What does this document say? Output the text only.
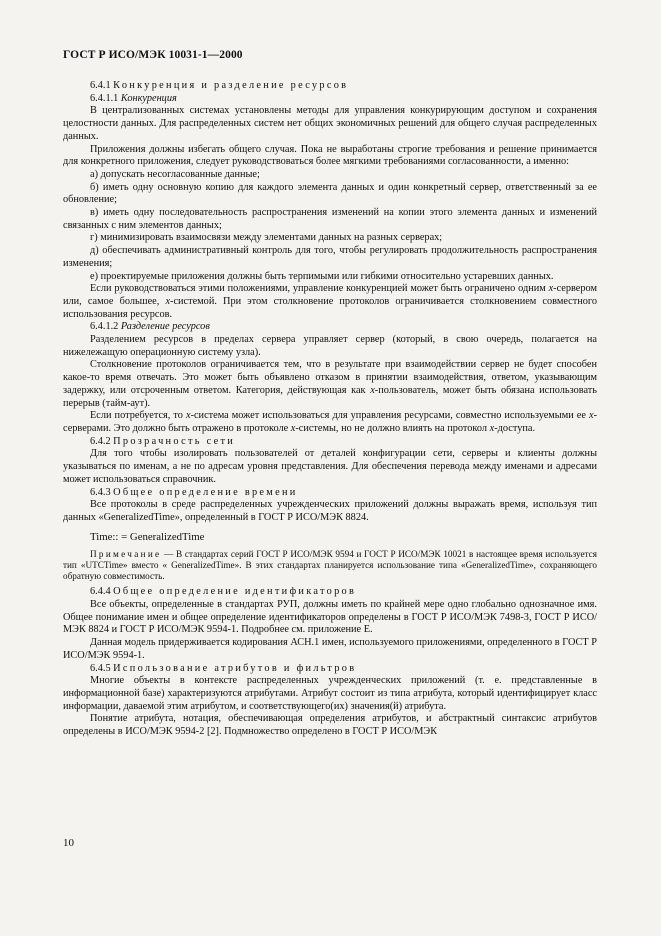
ГОСТ Р ИСО/МЭК 10031-1—2000
6.4.1 Конкуренция и разделение ресурсов
6.4.1.1 Конкуренция

В централизованных системах установлены методы для управления конкурирующим доступом и сохранения целостности данных. Для распределенных систем нет общих экономичных решений для общего случая распределенных данных.

Приложения должны избегать общего случая. Пока не выработаны строгие требования и решение принимается для конкретного приложения, следует руководствоваться более мягкими требованиями согласованности, а именно:

а) допускать несогласованные данные;

б) иметь одну основную копию для каждого элемента данных и один конкретный сервер, ответственный за ее обновление;

в) иметь одну последовательность распространения изменений на копии этого элемента данных и изменений связанных с ним элементов данных;

г) минимизировать взаимосвязи между элементами данных на разных серверах;

д) обеспечивать административный контроль для того, чтобы регулировать продолжительность распространения изменения;

е) проектируемые приложения должны быть терпимыми или гибкими относительно устаревших данных.

Если руководствоваться этими положениями, управление конкуренцией может быть ограничено одним x-сервером или, самое большее, x-системой. При этом столкновение протоколов ограничивается столкновением совместного использования ресурсов.

6.4.1.2 Разделение ресурсов

Разделением ресурсов в пределах сервера управляет сервер (который, в свою очередь, полагается на нижележащую операционную систему узла).

Столкновение протоколов ограничивается тем, что в результате при взаимодействии сервер не будет способен какое-то время отвечать. Это может быть объявлено отказом в принятии взаимодействия, ответом, указывающим задержку, или отсроченным ответом. Категория, действующая как x-пользователь, может быть обязана использовать перерыв (тайм-аут).

Если потребуется, то x-система может использоваться для управления ресурсами, совместно используемыми ее x-серверами. Это должно быть отражено в протоколе x-системы, но не должно влиять на протокол x-доступа.

6.4.2 Прозрачность сети

Для того чтобы изолировать пользователей от деталей конфигурации сети, серверы и клиенты должны указываться по именам, а не по адресам уровня представления. Для обеспечения перевода между именами и адресами может использоваться справочник.

6.4.3 Общее определение времени

Все протоколы в среде распределенных учрежденческих приложений должны выражать время, используя тип данных «GeneralizedTime», определенный в ГОСТ Р ИСО/МЭК 8824.

Time:: = GeneralizedTime

Примечание — В стандартах серий ГОСТ Р ИСО/МЭК 9594 и ГОСТ Р ИСО/МЭК 10021 в настоящее время используется тип «UTCTime» вместо « GeneralizedTime». В этих стандартах планируется использование типа «GeneralizedTime», сохраняющего обратную совместимость.

6.4.4 Общее определение идентификаторов

Все объекты, определенные в стандартах РУП, должны иметь по крайней мере одно глобально однозначное имя. Общее понимание имен и общее определение идентификаторов определены в ГОСТ Р ИСО/МЭК 7498-3, ГОСТ Р ИСО/МЭК 8824 и ГОСТ Р ИСО/МЭК 9594-1. Подробнее см. приложение Е.

Данная модель придерживается кодирования АСН.1 имен, используемого приложениями, определенного в ГОСТ Р ИСО/МЭК 9594-1.

6.4.5 Использование атрибутов и фильтров

Многие объекты в контексте распределенных учрежденческих приложений (т. е. представленные в информационной базе) характеризуются атрибутами. Атрибут состоит из типа атрибута, который идентифицирует класс информации, даваемой этим атрибутом, и соответствующего(их) значения(й) атрибута.

Понятие атрибута, нотация, обеспечивающая определения атрибутов, и абстрактный синтаксис атрибутов определены в ИСО/МЭК 9594-2 [2]. Подмножество определено в ГОСТ Р ИСО/МЭК

10
